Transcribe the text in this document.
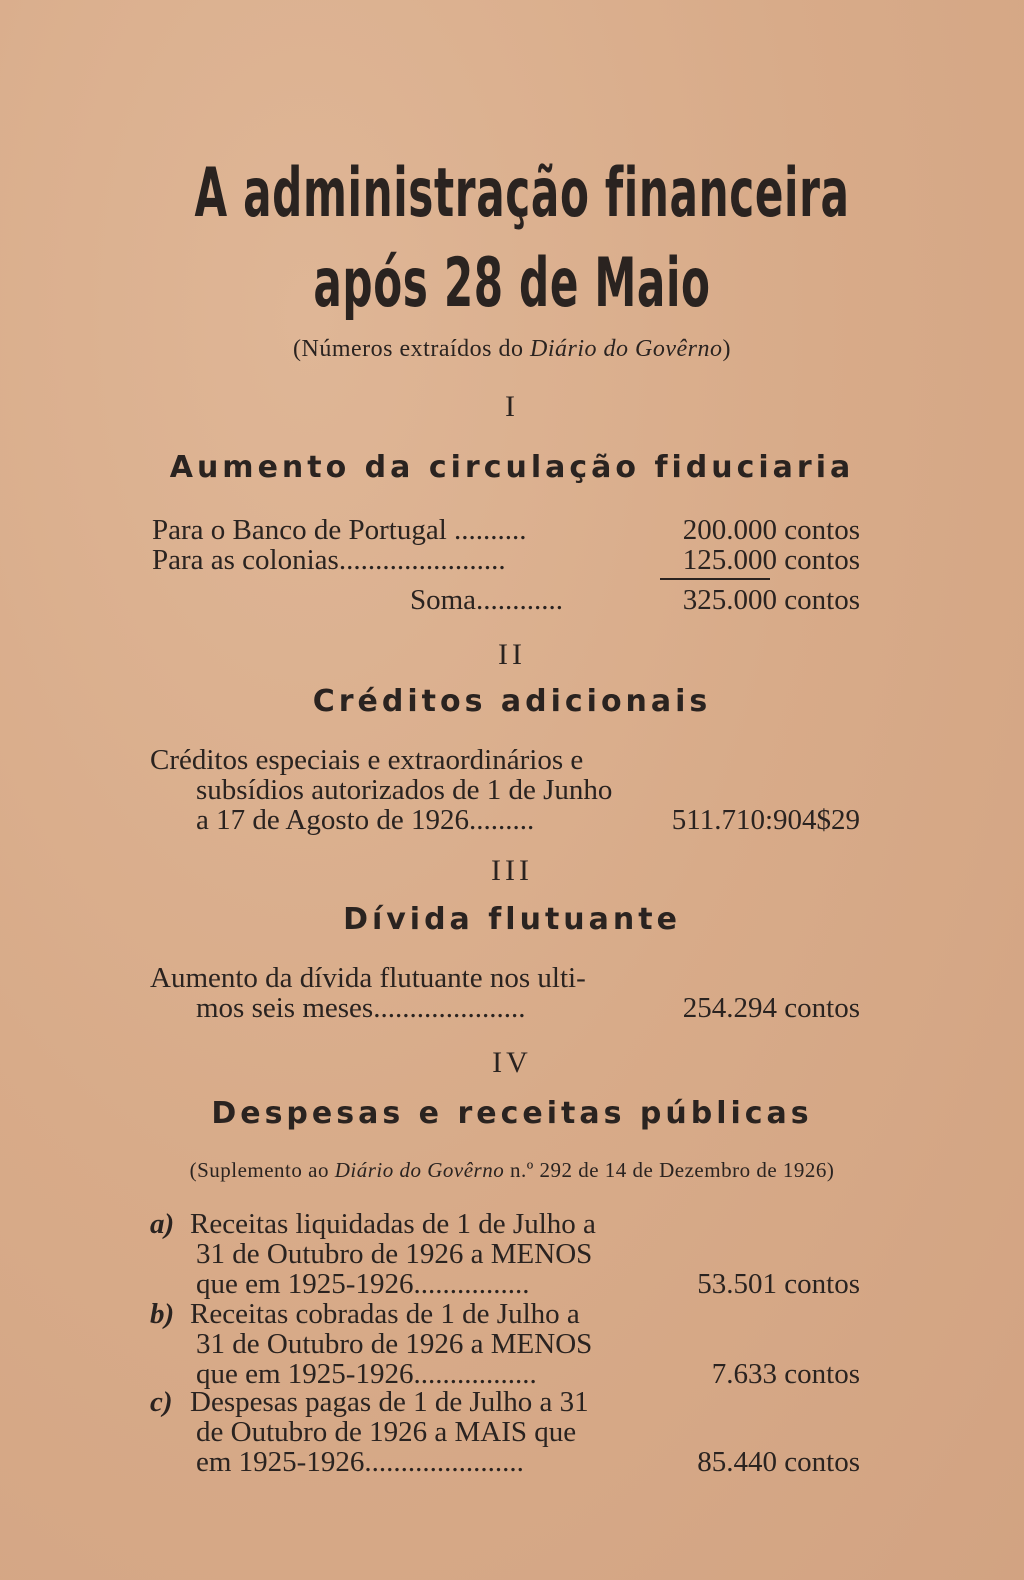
A administração financeira
após 28 de Maio
(Números extraídos do Diário do Govêrno)
I
Aumento da circulação fiduciaria
Para o Banco de Portugal ..........	200.000 contos
Para as colonias.......................	125.000 contos
Soma............	325.000 contos
II
Créditos adicionais
Créditos especiais e extraordinários e
subsídios autorizados de 1 de Junho
a 17 de Agosto de 1926.........	511.710:904$29
III
Dívida flutuante
Aumento da dívida flutuante nos ulti-
mos seis meses.....................	254.294 contos
IV
Despesas e receitas públicas
(Suplemento ao Diário do Govêrno n.º 292 de 14 de Dezembro de 1926)
a) Receitas liquidadas de 1 de Julho a
31 de Outubro de 1926 a MENOS
que em 1925-1926................	53.501 contos
b) Receitas cobradas de 1 de Julho a
31 de Outubro de 1926 a MENOS
que em 1925-1926.................	7.633 contos
c) Despesas pagas de 1 de Julho a 31
de Outubro de 1926 a MAIS que
em 1925-1926......................	85.440 contos
